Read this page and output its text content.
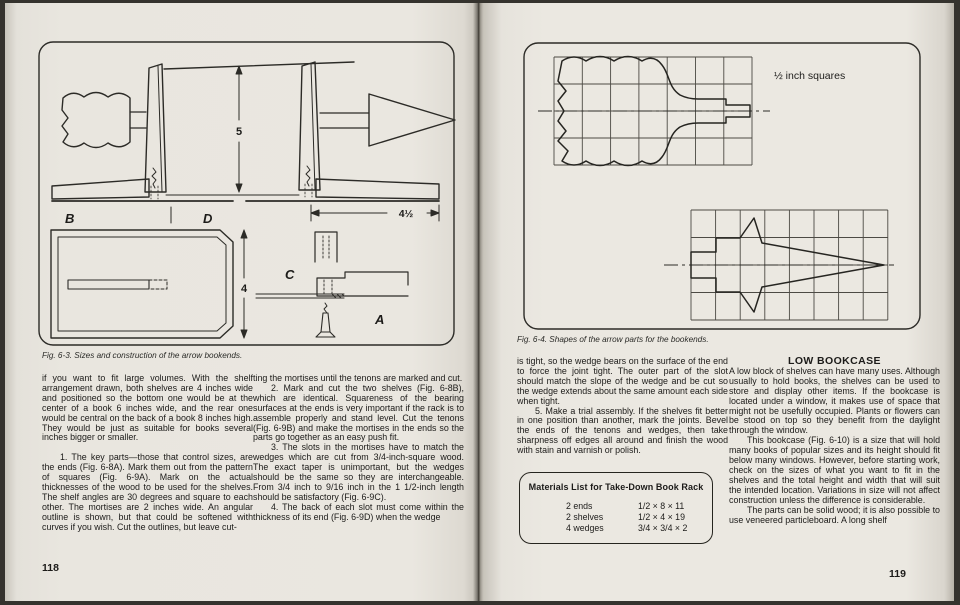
5
B	D	4½
4
C
A
½ inch squares
Fig. 6-3. Sizes and construction of the arrow bookends.
Fig. 6-4. Shapes of the arrow parts for the bookends.

if you want to fit large volumes. With the shelf arrangement drawn, both shelves are 4 inches wide and positioned so the bottom one would be at the center of a book 6 inches wide, and the rear one would be central on the back of a book 8 inches high. They would be just as suitable for books several inches bigger or smaller.

1. The key parts—those that control sizes, are the ends (Fig. 6-8A). Mark them out from the pattern of squares (Fig. 6-9A). Mark on the actual thicknesses of the wood to be used for the shelves. The shelf angles are 30 degrees and square to each other. The mortises are 2 inches wide. An angular outline is shown, but that could be softened with curves if you wish. Cut the outlines, but leave cut-

ting the mortises until the tenons are marked and cut.

2. Mark and cut the two shelves (Fig. 6-8B), which are identical. Squareness of the bearing surfaces at the ends is very important if the rack is to assemble properly and stand level. Cut the tenons (Fig. 6-9B) and make the mortises in the ends so the parts go together as an easy push fit.

3. The slots in the mortises have to match the wedges which are cut from 3/4-inch-square wood. The exact taper is unimportant, but the wedges should be the same so they are interchangeable. From 3/4 inch to 9/16 inch in the 1 1/2-inch length should be satisfactory (Fig. 6-9C).

4. The back of each slot must come within the thickness of its end (Fig. 6-9D) when the wedge

118

is tight, so the wedge bears on the surface of the end to force the joint tight. The outer part of the slot should match the slope of the wedge and be cut so the wedge extends about the same amount each side when tight.

5. Make a trial assembly. If the shelves fit better in one position than another, mark the joints. Bevel the ends of the tenons and wedges, then take sharpness off edges all around and finish the wood with stain and varnish or polish.

Materials List for Take-Down Book Rack
2 ends	1/2 × 8 × 11
2 shelves	1/2 × 4 × 19
4 wedges	3/4 × 3/4 × 2

LOW BOOKCASE

A low block of shelves can have many uses. Although usually to hold books, the shelves can be used to store and display other items. If the bookcase is located under a window, it makes use of space that might not be usefully occupied. Plants or flowers can be stood on top so they benefit from the daylight through the window.

This bookcase (Fig. 6-10) is a size that will hold many books of popular sizes and its height should fit below many windows. However, before starting work, check on the sizes of what you want to fit in the shelves and the total height and width that will suit the intended location. Variations in size will not affect construction unless the difference is considerable.

The parts can be solid wood; it is also possible to use veneered particleboard. A long shelf

119
